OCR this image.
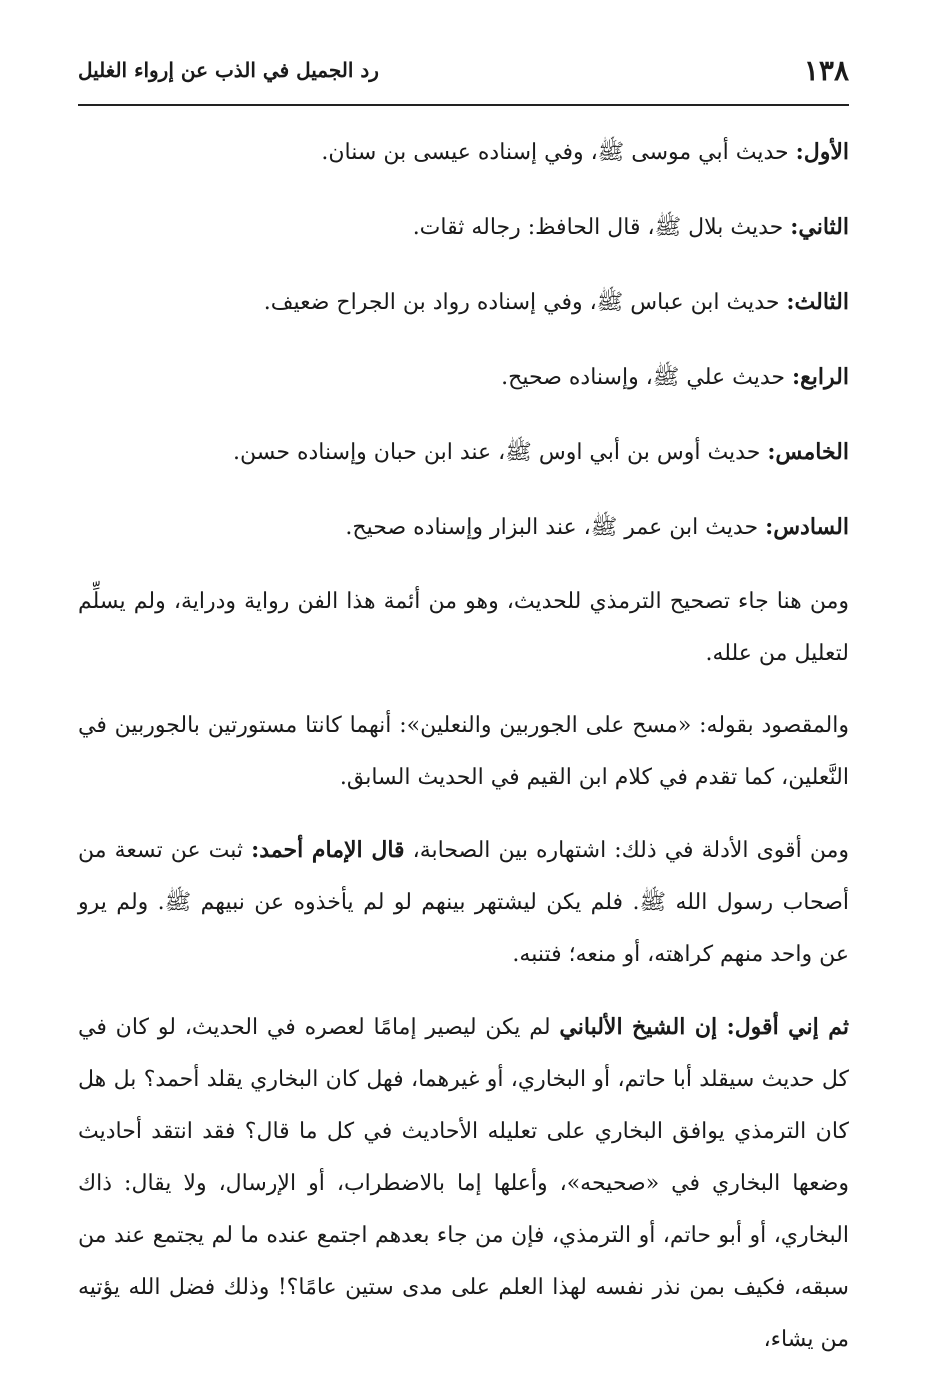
١٣٨
رد الجميل في الذب عن إرواء الغليل
الأول: حديث أبي موسى ﷺ، وفي إسناده عيسى بن سنان.
الثاني: حديث بلال ﷺ، قال الحافظ: رجاله ثقات.
الثالث: حديث ابن عباس ﷺ، وفي إسناده رواد بن الجراح ضعيف.
الرابع: حديث علي ﷺ، وإسناده صحيح.
الخامس: حديث أوس بن أبي اوس ﷺ، عند ابن حبان وإسناده حسن.
السادس: حديث ابن عمر ﷺ، عند البزار وإسناده صحيح.

ومن هنا جاء تصحيح الترمذي للحديث، وهو من أئمة هذا الفن رواية ودراية، ولم يسلِّم لتعليل من علله.

والمقصود بقوله: «مسح على الجوربين والنعلين»: أنهما كانتا مستورتين بالجوربين في النَّعلين، كما تقدم في كلام ابن القيم في الحديث السابق.

ومن أقوى الأدلة في ذلك: اشتهاره بين الصحابة، قال الإمام أحمد: ثبت عن تسعة من أصحاب رسول الله ﷺ. فلم يكن ليشتهر بينهم لو لم يأخذوه عن نبيهم ﷺ. ولم يرو عن واحد منهم كراهته، أو منعه؛ فتنبه.

ثم إني أقول: إن الشيخ الألباني لم يكن ليصير إمامًا لعصره في الحديث، لو كان في كل حديث سيقلد أبا حاتم، أو البخاري، أو غيرهما، فهل كان البخاري يقلد أحمد؟ بل هل كان الترمذي يوافق البخاري على تعليله الأحاديث في كل ما قال؟ فقد انتقد أحاديث وضعها البخاري في «صحيحه»، وأعلها إما بالاضطراب، أو الإرسال، ولا يقال: ذاك البخاري، أو أبو حاتم، أو الترمذي، فإن من جاء بعدهم اجتمع عنده ما لم يجتمع عند من سبقه، فكيف بمن نذر نفسه لهذا العلم على مدى ستين عامًا؟! وذلك فضل الله يؤتيه من يشاء،
